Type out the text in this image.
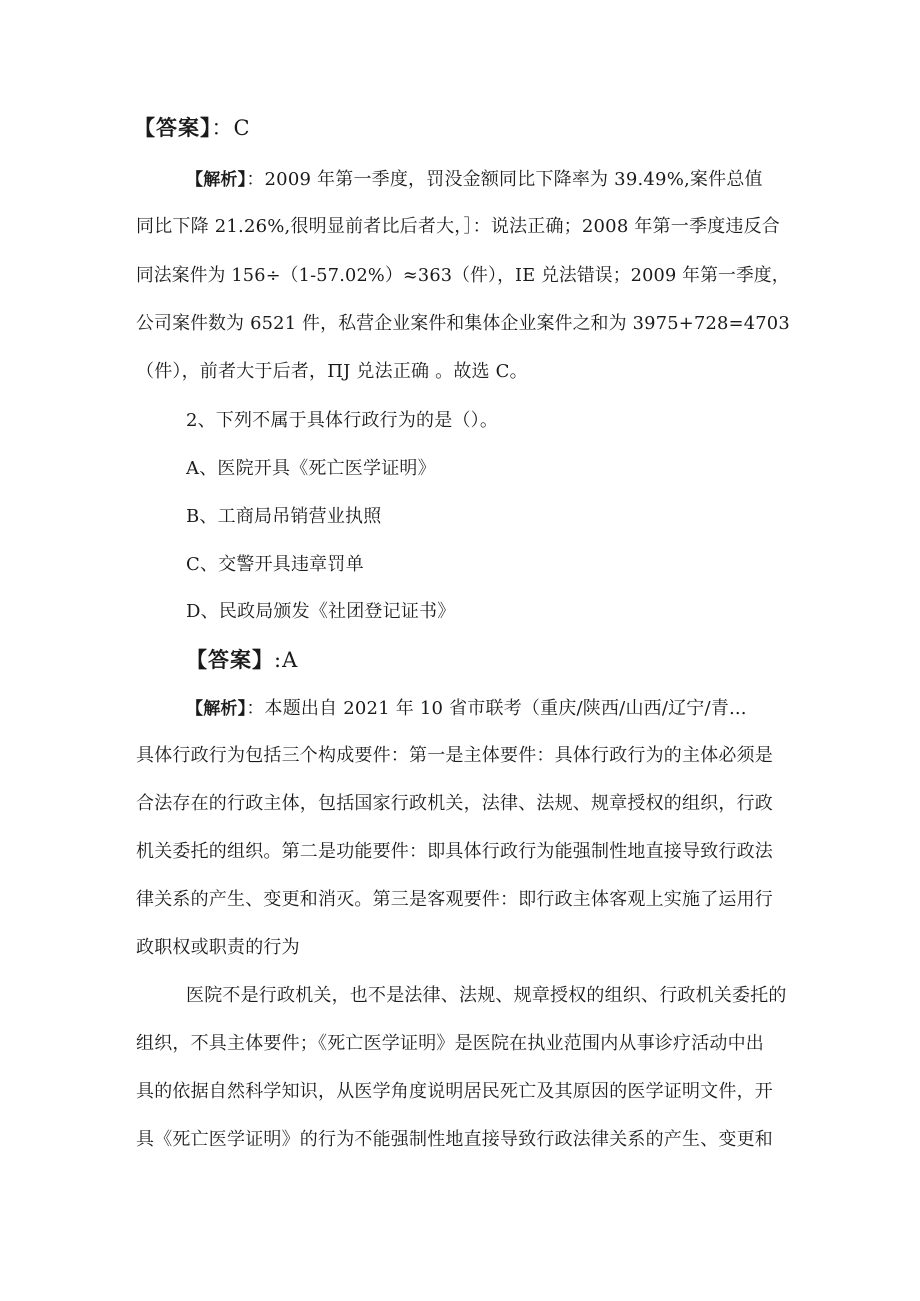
【答案】：C
【解析】：2009 年第一季度，罚没金额同比下降率为 39.49%,案件总值
同比下降 21.26%,很明显前者比后者大，］：说法正确；2008 年第一季度违反合
同法案件为 156÷（1-57.02%）≈363（件），IE 兑法错误；2009 年第一季度，
公司案件数为 6521 件，私营企业案件和集体企业案件之和为 3975+728=4703
（件），前者大于后者，ΠJ 兑法正确 。故选 C。
2、下列不属于具体行政行为的是（）。
A、医院开具《死亡医学证明》
B、工商局吊销营业执照
C、交警开具违章罚单
D、民政局颁发《社团登记证书》
【答案】:A
【解析】：本题出自 2021 年 10 省市联考（重庆/陕西/山西/辽宁/青...
具体行政行为包括三个构成要件：第一是主体要件：具体行政行为的主体必须是
合法存在的行政主体，包括国家行政机关，法律、法规、规章授权的组织，行政
机关委托的组织。第二是功能要件：即具体行政行为能强制性地直接导致行政法
律关系的产生、变更和消灭。第三是客观要件：即行政主体客观上实施了运用行
政职权或职责的行为
医院不是行政机关，也不是法律、法规、规章授权的组织、行政机关委托的
组织，不具主体要件；《死亡医学证明》是医院在执业范围内从事诊疗活动中出
具的依据自然科学知识，从医学角度说明居民死亡及其原因的医学证明文件，开
具《死亡医学证明》的行为不能强制性地直接导致行政法律关系的产生、变更和
